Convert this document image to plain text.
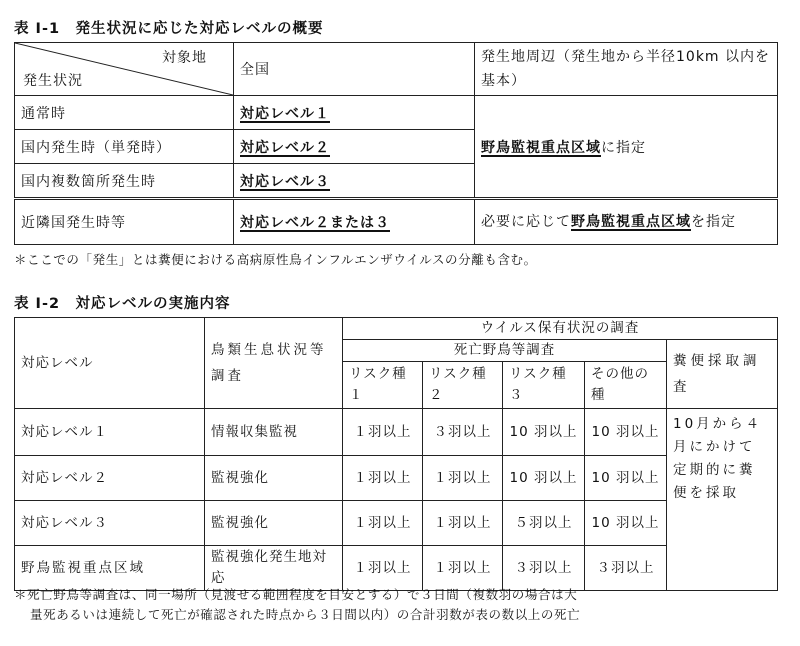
表 I-1　発生状況に応じた対応レベルの概要
対象地
発生状況	全国	発生地周辺（発生地から半径10km 以内を基本）
通常時	対応レベル１	野鳥監視重点区域に指定
国内発生時（単発時）	対応レベル２	
国内複数箇所発生時	対応レベル３	
近隣国発生時等	対応レベル２または３	必要に応じて野鳥監視重点区域を指定
＊ここでの「発生」とは糞便における高病原性鳥インフルエンザウイルスの分離も含む。
表 I-2　対応レベルの実施内容
対応レベル	鳥類生息状況等調査	ウイルス保有状況の調査				
		死亡野鳥等調査				糞便採取調査
		リスク種１	リスク種２	リスク種３	その他の種	
対応レベル１	情報収集監視	１羽以上	３羽以上	10 羽以上	10 羽以上	10月から４月にかけて定期的に糞便を採取
対応レベル２	監視強化	１羽以上	１羽以上	10 羽以上	10 羽以上	
対応レベル３	監視強化	１羽以上	１羽以上	５羽以上	10 羽以上	
野鳥監視重点区域	監視強化発生地対応	１羽以上	１羽以上	３羽以上	３羽以上	
＊死亡野鳥等調査は、同一場所（見渡せる範囲程度を目安とする）で３日間（複数羽の場合は大
量死あるいは連続して死亡が確認された時点から３日間以内）の合計羽数が表の数以上の死亡
